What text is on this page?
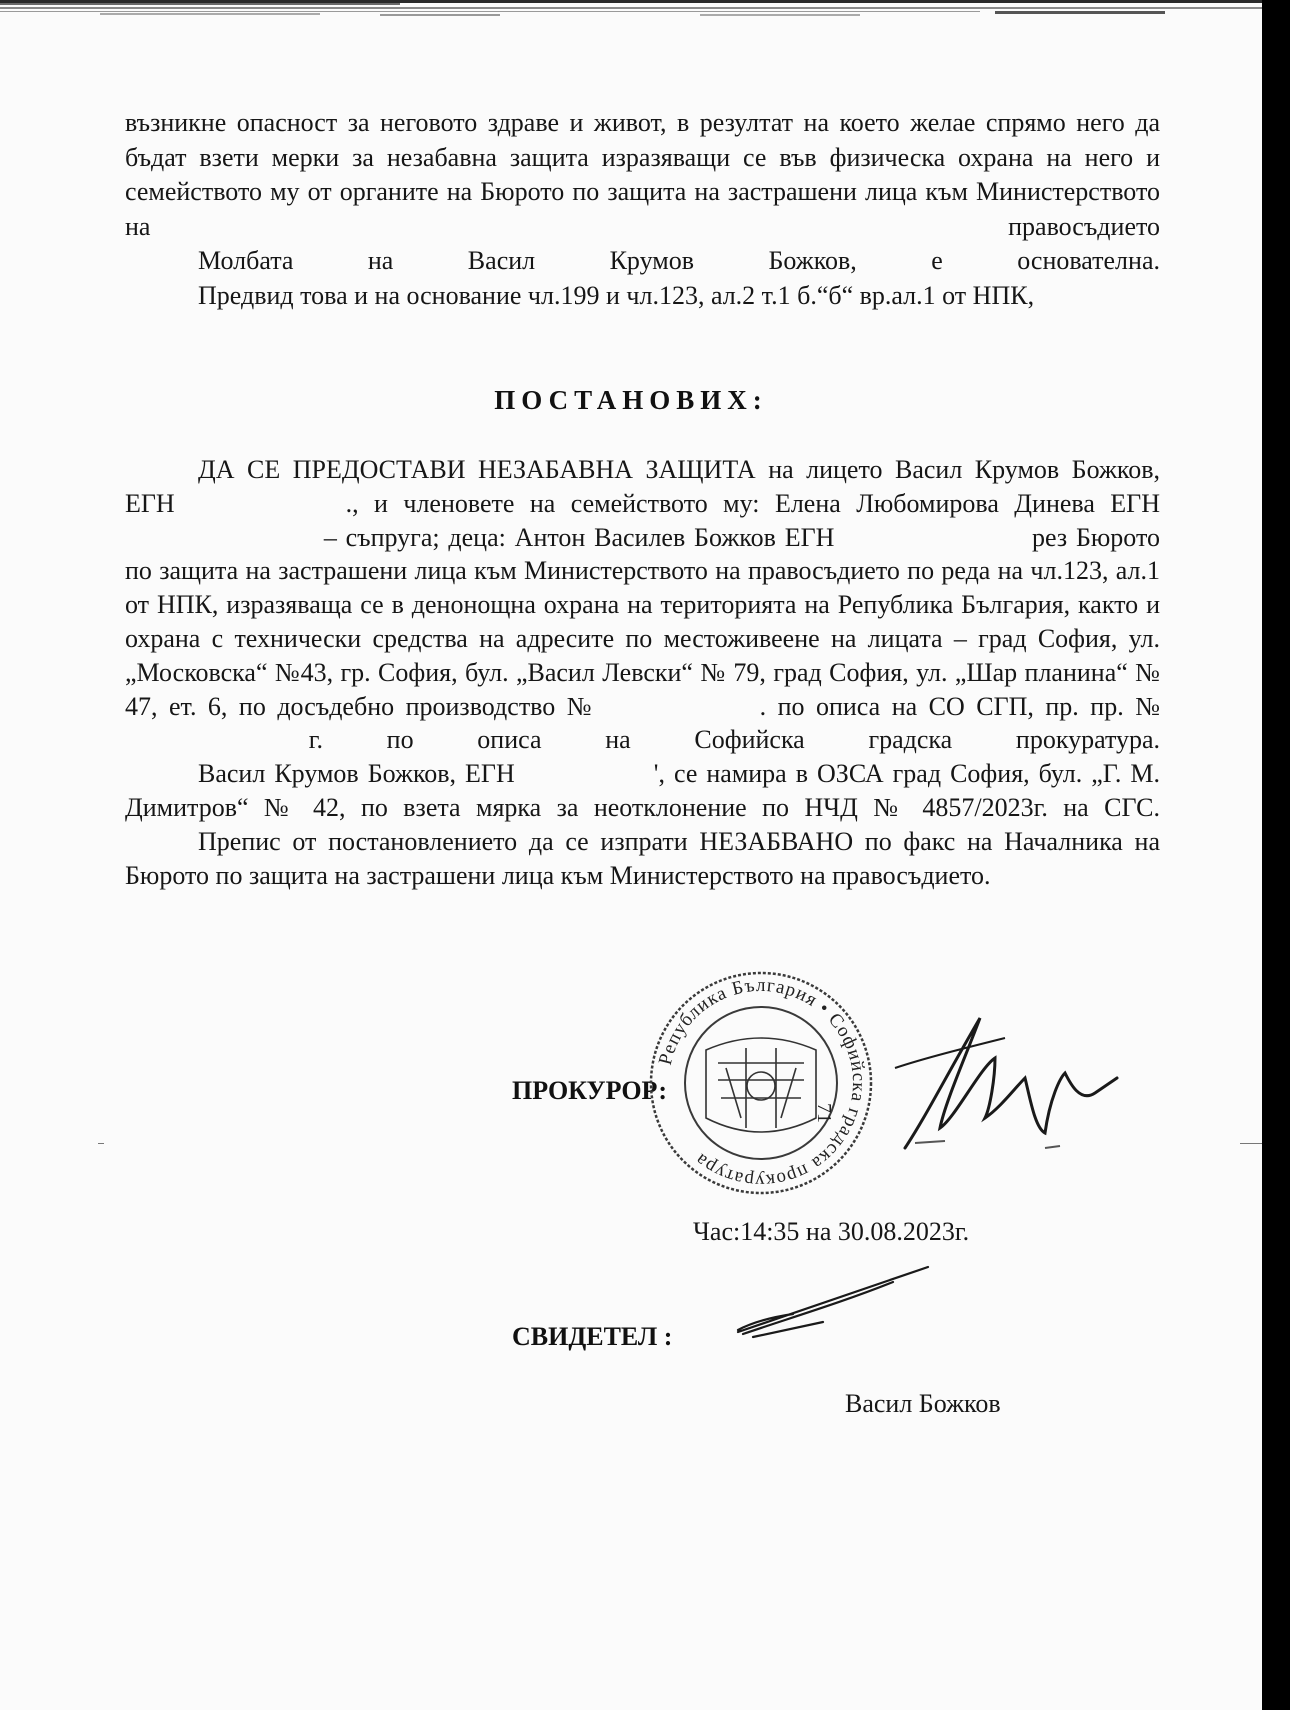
възникне опасност за неговото здраве и живот, в резултат на което желае спрямо него да бъдат взети мерки за незабавна защита изразяващи се във физическа охрана на него и семейството му от органите на Бюрото по защита на застрашени лица към Министерството на правосъдието

Молбата на Васил Крумов Божков, е основателна.

Предвид това и на основание чл.199 и чл.123, ал.2 т.1 б.“б“ вр.ал.1 от НПК,

ПОСТАНОВИХ:

ДА СЕ ПРЕДОСТАВИ НЕЗАБАВНА ЗАЩИТА на лицето Васил Крумов Божков, ЕГН	., и членовете на семейството му: Елена Любомирова Динева ЕГН  – съпруга; деца: Антон Василев Божков ЕГН	рез Бюрото по защита на застрашени лица към Министерството на правосъдието по реда на чл.123, ал.1 от НПК, изразяваща се в денонощна охрана на територията на Република България, както и охрана с технически средства на адресите по местоживеене на лицата – град София, ул. „Московска“ №43, гр. София, бул. „Васил Левски“ № 79, град София, ул. „Шар планина“ № 47, ет. 6, по досъдебно производство №	. по описа на СО СГП, пр. пр. №  г. по описа на Софийска градска прокуратура.

Васил Крумов Божков, ЕГН	', се намира в ОЗСА град София, бул. „Г. М. Димитров“ № 42, по взета мярка за неотклонение по НЧД № 4857/2023г. на СГС.

Препис от постановлението да се изпрати НЕЗАБВАНО по факс на Началника на Бюрото по защита на застрашени лица към Министерството на правосъдието.

ПРОКУРОР:
Република България • Софийска градска прокуратура
71
Час:14:35 на 30.08.2023г.
СВИДЕТЕЛ :
Васил Божков
